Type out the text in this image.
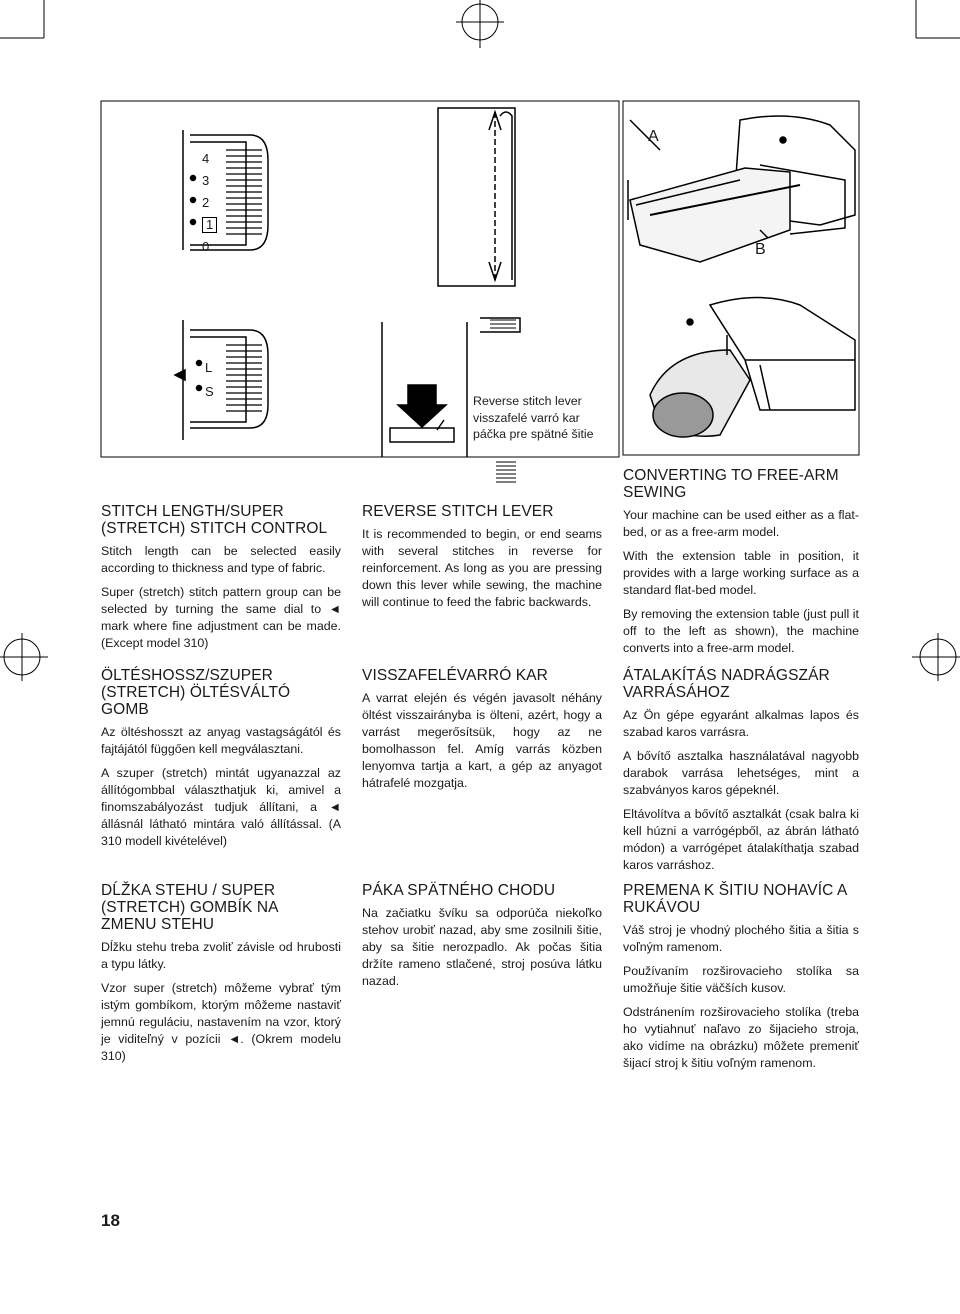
4
3
2
1
0
L
S
Reverse stitch lever
visszafelé varró kar
páčka pre spätné šitie
A
B
STITCH LENGTH/SUPER
(STRETCH) STITCH CONTROL

Stitch length can be selected easily according to thickness and type of fabric.

Super (stretch) stitch pattern group can be selected by turning the same dial to ◄ mark where fine adjustment can be made. (Except model 310)

ÖLTÉSHOSSZ/SZUPER
(STRETCH) ÖLTÉSVÁLTÓ GOMB

Az öltéshosszt az anyag vastagságától és fajtájától függően kell megválasztani.

A szuper (stretch) mintát ugyanazzal az állítógombbal választhatjuk ki, amivel a finomszabályozást tudjuk állítani, a ◄ állásnál látható mintára való állítással. (A 310 modell kivételével)

DĹŽKA STEHU / SUPER
(STRETCH) GOMBÍK NA
ZMENU STEHU

Dĺžku stehu treba zvoliť závisle od hrubosti a typu látky.

Vzor super (stretch) môžeme vybrať tým istým gombíkom, ktorým môžeme nastaviť jemnú reguláciu, nastavením na vzor, ktorý je viditeľný v pozícii ◄. (Okrem modelu 310)

REVERSE STITCH LEVER

It is recommended to begin, or end seams with several stitches in reverse for reinforcement. As long as you are pressing down this lever while sewing, the machine will continue to feed the fabric backwards.

VISSZAFELÉVARRÓ KAR

A varrat elején és végén javasolt néhány öltést visszairányba is ölteni, azért, hogy a varrást megerősítsük, hogy az ne bomolhasson fel. Amíg varrás közben lenyomva tartja a kart, a gép az anyagot hátrafelé mozgatja.

PÁKA SPÄTNÉHO CHODU

Na začiatku švíku sa odporúča niekoľko stehov urobiť nazad, aby sme zosilnili šitie, aby sa šitie nerozpadlo. Ak počas šitia držíte rameno stlačené, stroj posúva látku nazad.

CONVERTING TO FREE-ARM
SEWING

Your machine can be used either as a flat-bed, or as a free-arm model.

With the extension table in position, it provides with a large working surface as a standard flat-bed model.

By removing the extension table (just pull it off to the left as shown), the machine converts into a free-arm model.

ÁTALAKÍTÁS NADRÁGSZÁR
VARRÁSÁHOZ

Az Ön gépe egyaránt alkalmas lapos és szabad karos varrásra.

A bővítő asztalka használatával nagyobb darabok varrása lehetséges, mint a szabványos karos gépeknél.

Eltávolítva a bővítő asztalkát (csak balra ki kell húzni a varrógépből, az ábrán látható módon) a varrógépet átalakíthatja szabad karos varráshoz.

PREMENA K ŠITIU NOHAVÍC A
RUKÁVOU

Váš stroj je vhodný plochého šitia a šitia s voľným ramenom.

Používaním rozširovacieho stolíka sa umožňuje šitie väčších kusov.

Odstránením rozširovacieho stolíka (treba ho vytiahnuť naľavo zo šijacieho stroja, ako vidíme na obrázku) môžete premeniť šijací stroj k šitiu voľným ramenom.

18
